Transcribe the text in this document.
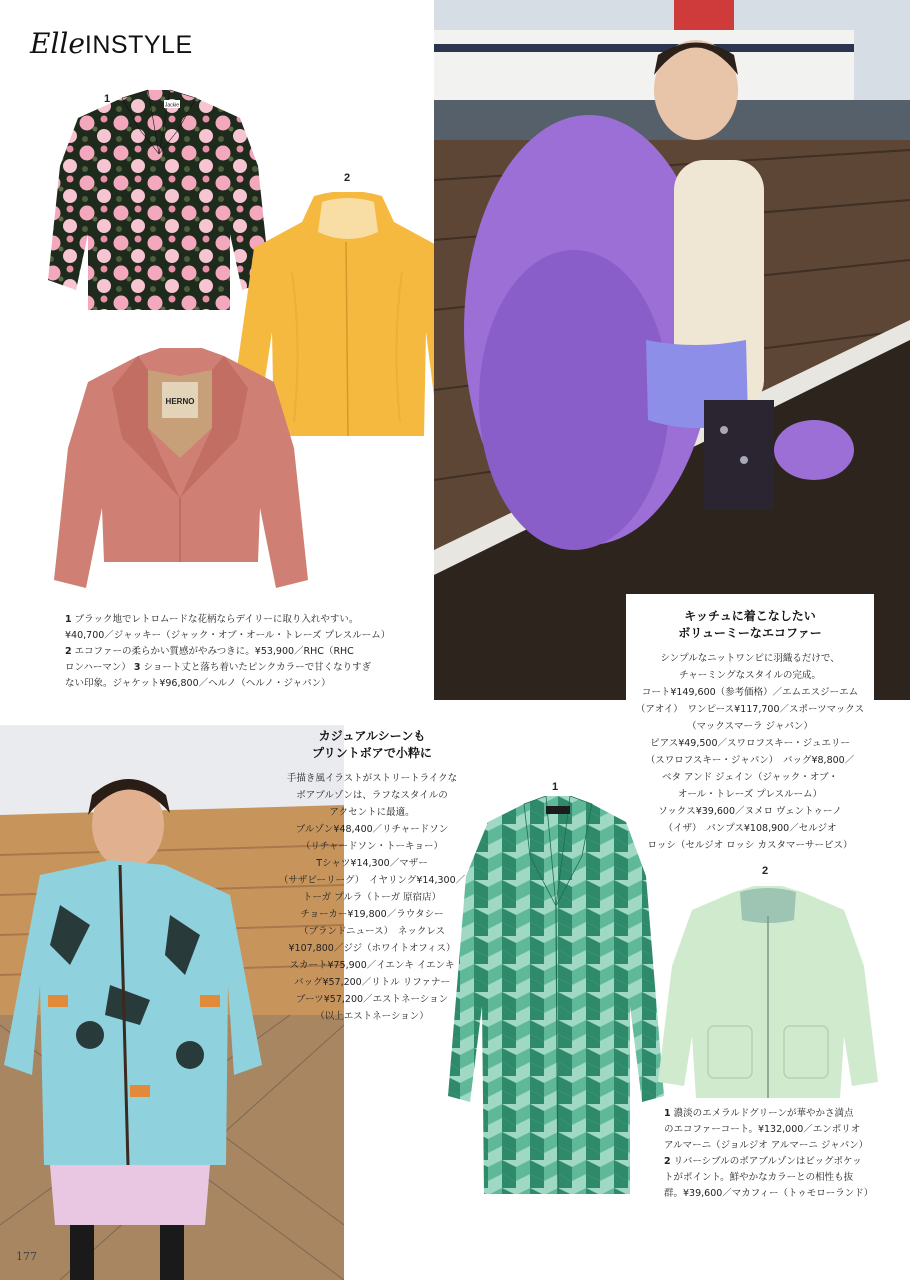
ElleINSTYLE
1
2
Jackie
HERNO
1 ブラック地でレトロムードな花柄ならデイリーに取り入れやすい。
¥40,700／ジャッキー（ジャック・オブ・オール・トレーズ プレスルーム）
2 エコファーの柔らかい質感がやみつきに。¥53,900／RHC（RHC
ロンハーマン） 3 ショート丈と落ち着いたピンクカラーで甘くなりすぎ
ない印象。ジャケット¥96,800／ヘルノ（ヘルノ・ジャパン）
キッチュに着こなしたい
ボリューミーなエコファー
シンプルなニットワンピに羽織るだけで、
チャーミングなスタイルの完成。
コート¥149,600（参考価格）／エムエスジーエム
（アオイ）　ワンピース¥117,700／スポーツマックス
（マックスマーラ ジャパン）
ピアス¥49,500／スワロフスキー・ジュエリー
（スワロフスキー・ジャパン）　バッグ¥8,800／
ベタ アンド ジェイン（ジャック・オブ・
オール・トレーズ プレスルーム）
ソックス¥39,600／ヌメロ ヴェントゥーノ
（イザ）　パンプス¥108,900／セルジオ
ロッシ（セルジオ ロッシ カスタマーサービス）
カジュアルシーンも
プリントボアで小粋に
手描き風イラストがストリートライクな
ボアブルゾンは、ラフなスタイルの
アクセントに最適。
ブルゾン¥48,400／リチャードソン
（リチャードソン・トーキョー）
Tシャツ¥14,300／マザー
（サザビーリーグ）　イヤリング¥14,300／
トーガ プルラ（トーガ 原宿店）
チョーカー¥19,800／ラウタシー
（ブランドニュース）　ネックレス
¥107,800／ジジ（ホワイトオフィス）
スカート¥75,900／イエンキ イエンキ
バッグ¥57,200／リトル リファナー
ブーツ¥57,200／エストネーション
（以上エストネーション）
1
2
1 濃淡のエメラルドグリーンが華やかさ満点
のエコファーコート。¥132,000／エンポリオ
アルマーニ（ジョルジオ アルマーニ ジャパン）
2 リバーシブルのボアブルゾンはビッグポケッ
トがポイント。鮮やかなカラーとの相性も抜
群。¥39,600／マカフィー（トゥモローランド）
177
